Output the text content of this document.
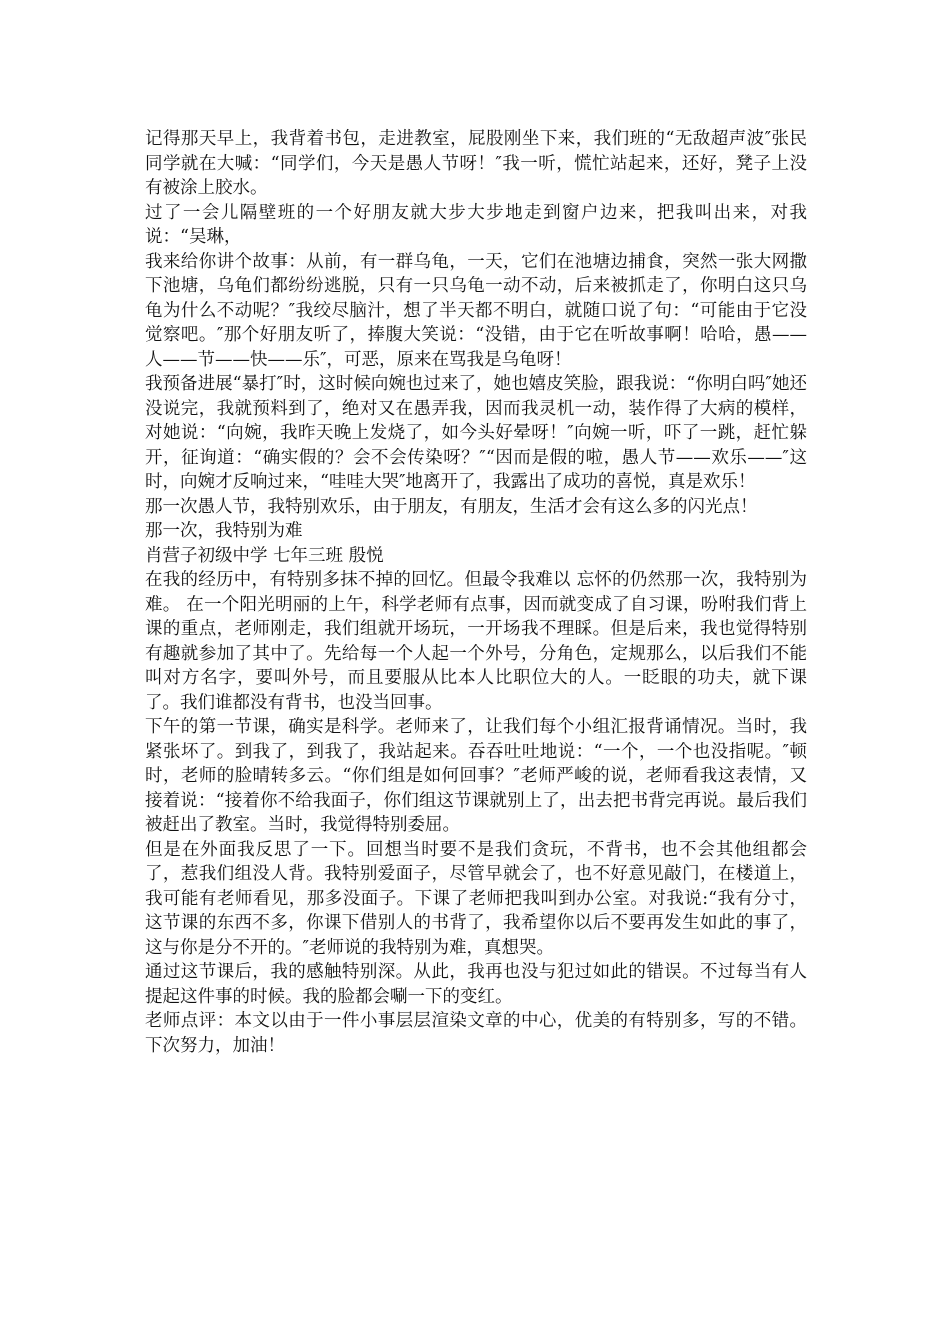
记得那天早上，我背着书包，走进教室，屁股刚坐下来，我们班的“无敌超声波″张民同学就在大喊：“同学们，今天是愚人节呀！″我一听，慌忙站起来，还好，凳子上没有被涂上胶水。

过了一会儿隔壁班的一个好朋友就大步大步地走到窗户边来，把我叫出来，对我说：“吴琳，

我来给你讲个故事：从前，有一群乌龟，一天，它们在池塘边捕食，突然一张大网撒下池塘，乌龟们都纷纷逃脱，只有一只乌龟一动不动，后来被抓走了，你明白这只乌龟为什么不动呢？″我绞尽脑汁，想了半天都不明白，就随口说了句：“可能由于它没觉察吧。″那个好朋友听了，捧腹大笑说：“没错，由于它在听故事啊！哈哈，愚——人——节——快——乐″，可恶，原来在骂我是乌龟呀！

我预备进展“暴打″时，这时候向婉也过来了，她也嬉皮笑脸，跟我说：“你明白吗″她还没说完，我就预料到了，绝对又在愚弄我，因而我灵机一动，装作得了大病的模样，对她说：“向婉，我昨天晚上发烧了，如今头好晕呀！″向婉一听，吓了一跳，赶忙躲开，征询道：“确实假的？会不会传染呀？″“因而是假的啦，愚人节——欢乐——″这时，向婉才反响过来，“哇哇大哭″地离开了，我露出了成功的喜悦，真是欢乐！

那一次愚人节，我特别欢乐，由于朋友，有朋友，生活才会有这么多的闪光点！

那一次，我特别为难

肖营子初级中学 七年三班 殷悦

在我的经历中，有特别多抹不掉的回忆。但最令我难以 忘怀的仍然那一次，我特别为难。 在一个阳光明丽的上午，科学老师有点事，因而就变成了自习课，吩咐我们背上课的重点，老师刚走，我们组就开场玩，一开场我不理睬。但是后来，我也觉得特别有趣就参加了其中了。先给每一个人起一个外号，分角色，定规那么，以后我们不能叫对方名字，要叫外号，而且要服从比本人比职位大的人。一眨眼的功夫，就下课了。我们谁都没有背书，也没当回事。

下午的第一节课，确实是科学。老师来了，让我们每个小组汇报背诵情况。当时，我紧张坏了。到我了，到我了，我站起来。吞吞吐吐地说：“一个，一个也没指呢。″顿时，老师的脸晴转多云。“你们组是如何回事？″老师严峻的说，老师看我这表情，又接着说：“接着你不给我面子，你们组这节课就别上了，出去把书背完再说。最后我们被赶出了教室。当时，我觉得特别委屈。

但是在外面我反思了一下。回想当时要不是我们贪玩，不背书，也不会其他组都会了，惹我们组没人背。我特别爱面子，尽管早就会了，也不好意见敲门，在楼道上，我可能有老师看见，那多没面子。下课了老师把我叫到办公室。对我说:“我有分寸，这节课的东西不多，你课下借别人的书背了，我希望你以后不要再发生如此的事了，这与你是分不开的。″老师说的我特别为难，真想哭。

通过这节课后，我的感触特别深。从此，我再也没与犯过如此的错误。不过每当有人提起这件事的时候。我的脸都会唰一下的变红。

老师点评：本文以由于一件小事层层渲染文章的中心，优美的有特别多，写的不错。下次努力，加油！
